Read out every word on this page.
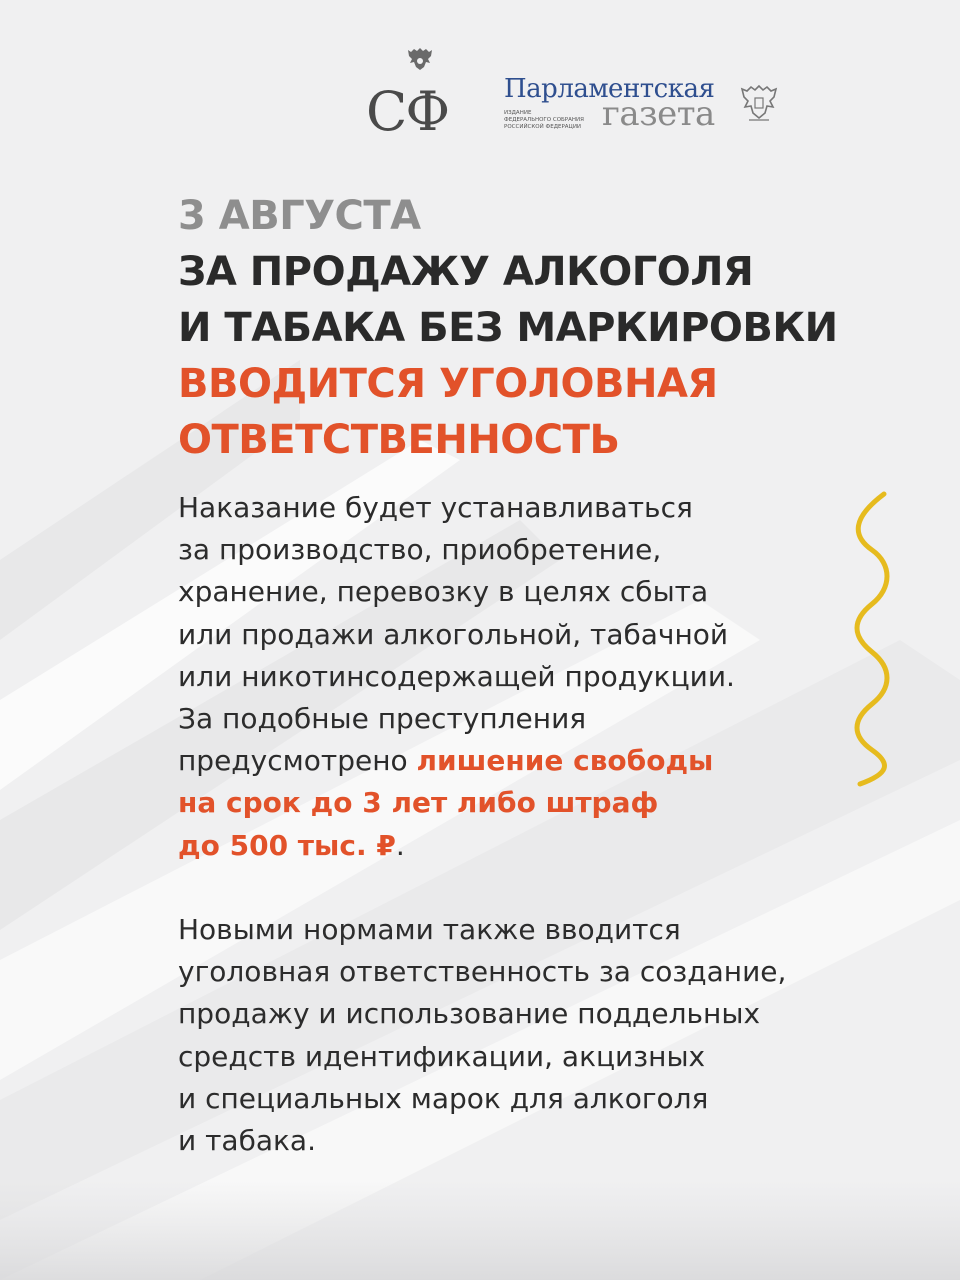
СФ	Парламентская
газета
ИЗДАНИЕ
ФЕДЕРАЛЬНОГО СОБРАНИЯ
РОССИЙСКОЙ ФЕДЕРАЦИИ

3 АВГУСТА

ЗА ПРОДАЖУ АЛКОГОЛЯ

И ТАБАКА БЕЗ МАРКИРОВКИ

ВВОДИТСЯ УГОЛОВНАЯ

ОТВЕТСТВЕННОСТЬ

Наказание будет устанавливаться
за производство, приобретение,
хранение, перевозку в целях сбыта
или продажи алкогольной, табачной
или никотинсодержащей продукции.
За подобные преступления
предусмотрено лишение свободы
на срок до 3 лет либо штраф
до 500 тыс. ₽.
Новыми нормами также вводится
уголовная ответственность за создание,
продажу и использование поддельных
средств идентификации, акцизных
и специальных марок для алкоголя
и табака.
